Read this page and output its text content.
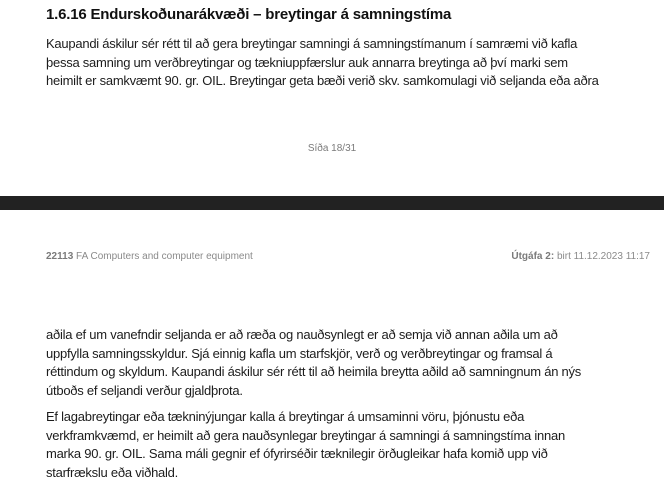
1.6.16 Endurskoðunarákvæði – breytingar á samningstíma
Kaupandi áskilur sér rétt til að gera breytingar samningi á samningstímanum í samræmi við kafla
þessa samning um verðbreytingar og tækniuppfærslur auk annarra breytinga að því marki sem
heimilt er samkvæmt 90. gr. OIL. Breytingar geta bæði verið skv. samkomulagi við seljanda eða aðra
Síða 18/31
22113 FA Computers and computer equipment	Útgáfa 2: birt 11.12.2023 11:17
aðila ef um vanefndir seljanda er að ræða og nauðsynlegt er að semja við annan aðila um að
uppfylla samningsskyldur. Sjá einnig kafla um starfskjör, verð og verðbreytingar og framsal á
réttindum og skyldum. Kaupandi áskilur sér rétt til að heimila breytta aðild að samningnum án nýs
útboðs ef seljandi verður gjaldþrota.
Ef lagabreytingar eða tækninýjungar kalla á breytingar á umsaminni vöru, þjónustu eða
verkframkvæmd, er heimilt að gera nauðsynlegar breytingar á samningi á samningstíma innan
marka 90. gr. OIL. Sama máli gegnir ef ófyrirséðir tæknilegir örðugleikar hafa komið upp við
starfrækslu eða viðhald.
